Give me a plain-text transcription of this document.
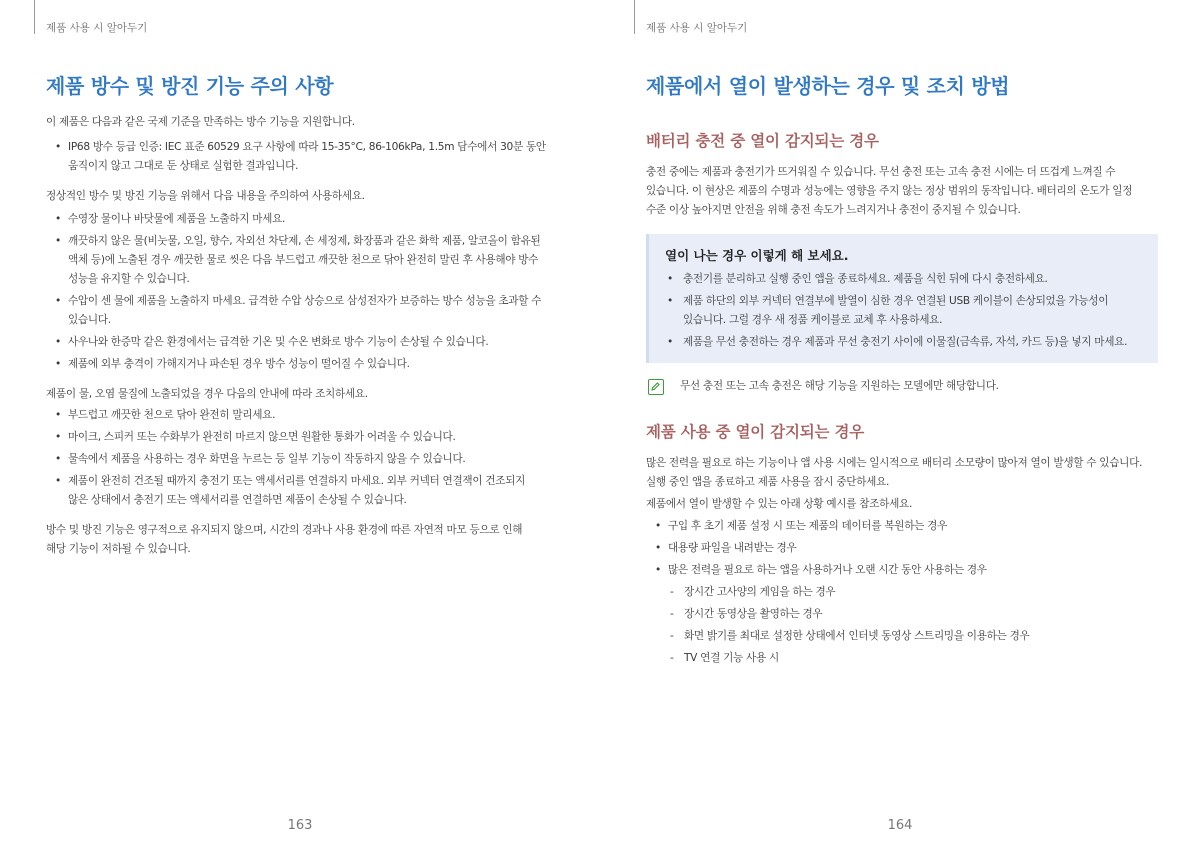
제품 사용 시 알아두기
제품 방수 및 방진 기능 주의 사항

이 제품은 다음과 같은 국제 기준을 만족하는 방수 기능을 지원합니다.

• IP68 방수 등급 인증: IEC 표준 60529 요구 사항에 따라 15-35°C, 86-106kPa, 1.5m 담수에서 30분 동안
움직이지 않고 그대로 둔 상태로 실험한 결과입니다.

정상적인 방수 및 방진 기능을 위해서 다음 내용을 주의하여 사용하세요.

• 수영장 물이나 바닷물에 제품을 노출하지 마세요.
• 깨끗하지 않은 물(비눗물, 오일, 향수, 자외선 차단제, 손 세정제, 화장품과 같은 화학 제품, 알코올이 함유된
액체 등)에 노출된 경우 깨끗한 물로 씻은 다음 부드럽고 깨끗한 천으로 닦아 완전히 말린 후 사용해야 방수
성능을 유지할 수 있습니다.
• 수압이 센 물에 제품을 노출하지 마세요. 급격한 수압 상승으로 삼성전자가 보증하는 방수 성능을 초과할 수
있습니다.
• 사우나와 한증막 같은 환경에서는 급격한 기온 및 수온 변화로 방수 기능이 손상될 수 있습니다.
• 제품에 외부 충격이 가해지거나 파손된 경우 방수 성능이 떨어질 수 있습니다.

제품이 물, 오염 물질에 노출되었을 경우 다음의 안내에 따라 조치하세요.

• 부드럽고 깨끗한 천으로 닦아 완전히 말리세요.
• 마이크, 스피커 또는 수화부가 완전히 마르지 않으면 원활한 통화가 어려울 수 있습니다.
• 물속에서 제품을 사용하는 경우 화면을 누르는 등 일부 기능이 작동하지 않을 수 있습니다.
• 제품이 완전히 건조될 때까지 충전기 또는 액세서리를 연결하지 마세요. 외부 커넥터 연결잭이 건조되지
않은 상태에서 충전기 또는 액세서리를 연결하면 제품이 손상될 수 있습니다.

방수 및 방진 기능은 영구적으로 유지되지 않으며, 시간의 경과나 사용 환경에 따른 자연적 마모 등으로 인해
해당 기능이 저하될 수 있습니다.

163
제품 사용 시 알아두기
제품에서 열이 발생하는 경우 및 조치 방법
배터리 충전 중 열이 감지되는 경우

충전 중에는 제품과 충전기가 뜨거워질 수 있습니다. 무선 충전 또는 고속 충전 시에는 더 뜨겁게 느껴질 수
있습니다. 이 현상은 제품의 수명과 성능에는 영향을 주지 않는 정상 범위의 동작입니다. 배터리의 온도가 일정
수준 이상 높아지면 안전을 위해 충전 속도가 느려지거나 충전이 중지될 수 있습니다.

열이 나는 경우 이렇게 해 보세요.
• 충전기를 분리하고 실행 중인 앱을 종료하세요. 제품을 식힌 뒤에 다시 충전하세요.
• 제품 하단의 외부 커넥터 연결부에 발열이 심한 경우 연결된 USB 케이블이 손상되었을 가능성이
있습니다. 그럴 경우 새 정품 케이블로 교체 후 사용하세요.
• 제품을 무선 충전하는 경우 제품과 무선 충전기 사이에 이물질(금속류, 자석, 카드 등)을 넣지 마세요.

무선 충전 또는 고속 충전은 해당 기능을 지원하는 모델에만 해당합니다.

제품 사용 중 열이 감지되는 경우

많은 전력을 필요로 하는 기능이나 앱 사용 시에는 일시적으로 배터리 소모량이 많아져 열이 발생할 수 있습니다.
실행 중인 앱을 종료하고 제품 사용을 잠시 중단하세요.

제품에서 열이 발생할 수 있는 아래 상황 예시를 참조하세요.

• 구입 후 초기 제품 설정 시 또는 제품의 데이터를 복원하는 경우
• 대용량 파일을 내려받는 경우
• 많은 전력을 필요로 하는 앱을 사용하거나 오랜 시간 동안 사용하는 경우
- 장시간 고사양의 게임을 하는 경우
- 장시간 동영상을 촬영하는 경우
- 화면 밝기를 최대로 설정한 상태에서 인터넷 동영상 스트리밍을 이용하는 경우
- TV 연결 기능 사용 시
164
